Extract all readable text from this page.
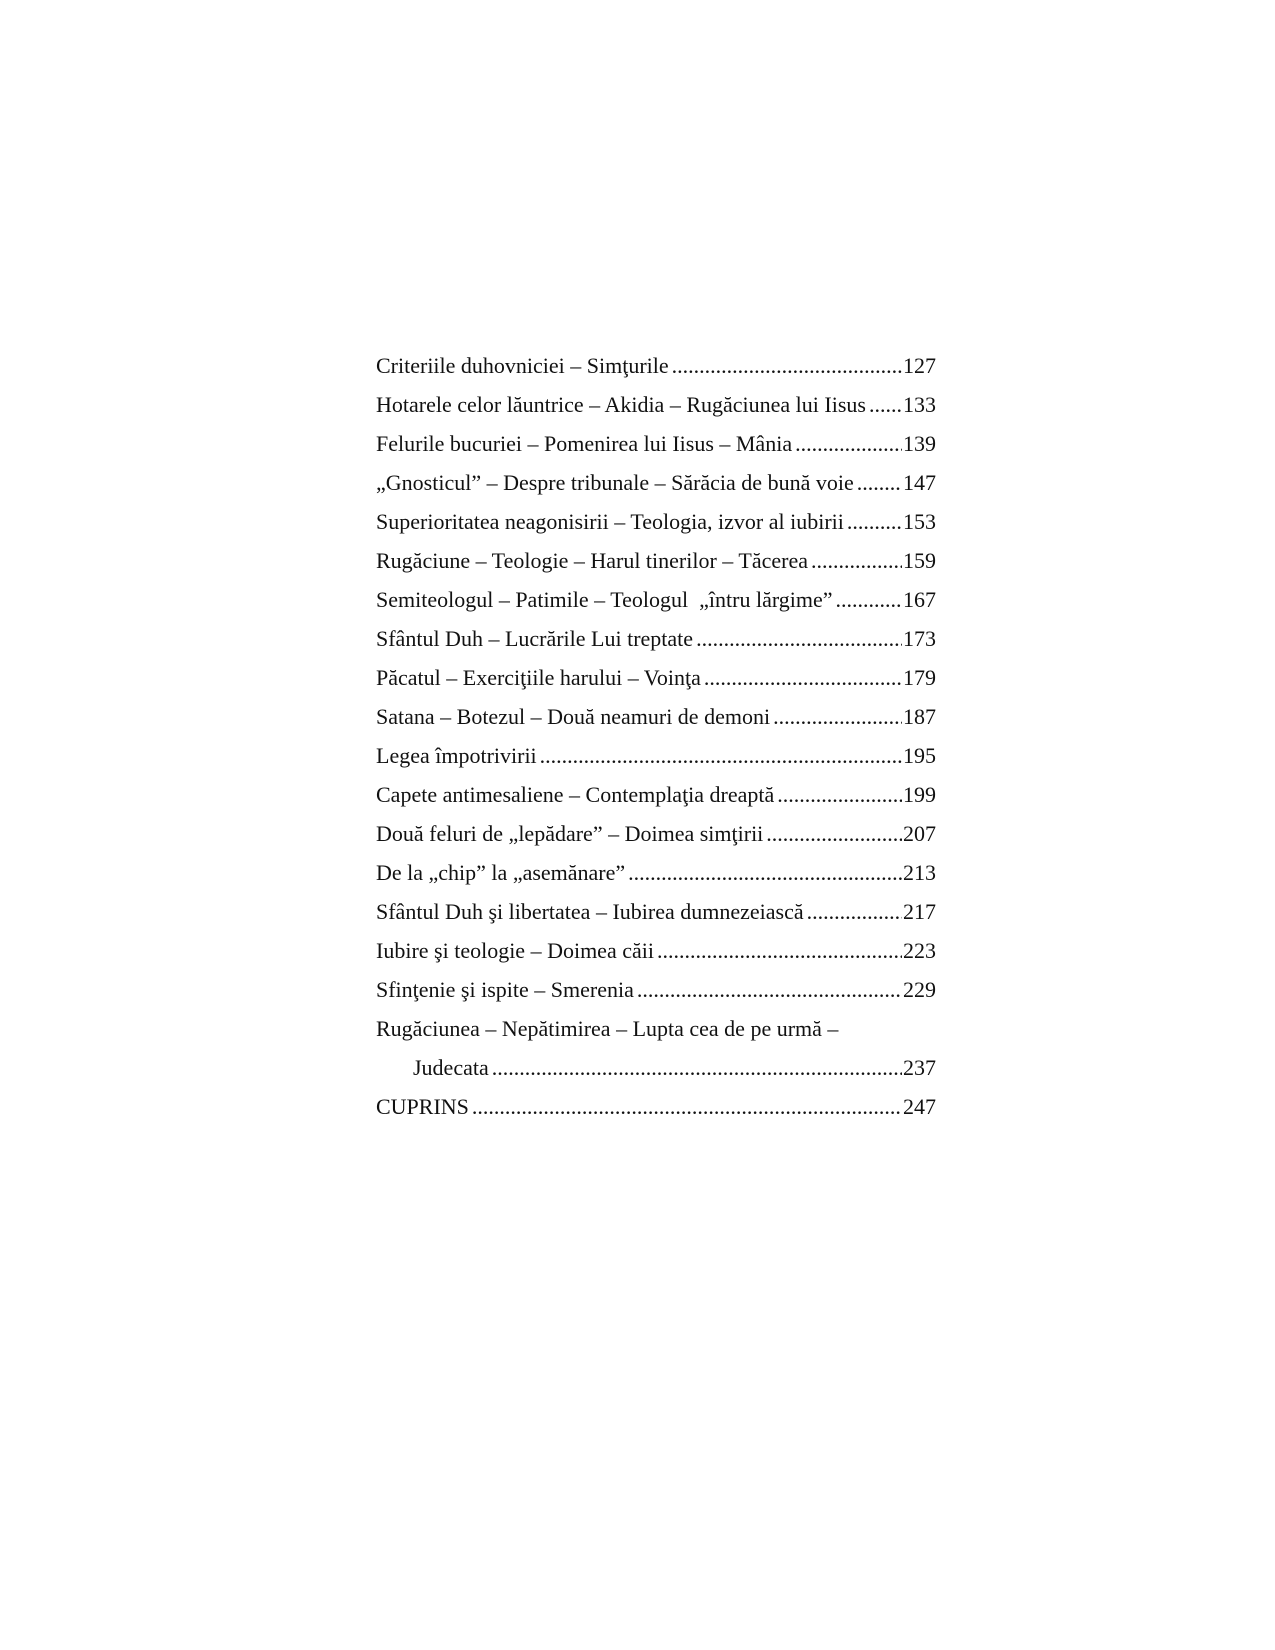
Criteriile duhovniciei – Simţurile .....	127
Hotarele celor lăuntrice – Akidia – Rugăciunea lui Iisus ..... 133
Felurile bucuriei – Pomenirea lui Iisus – Mânia .....	139
„Gnosticul” – Despre tribunale – Sărăcia de bună voie ..... 147
Superioritatea neagonisirii – Teologia, izvor al iubirii .....	153
Rugăciune – Teologie – Harul tinerilor – Tăcerea .....	159
Semiteologul – Patimile – Teologul  „întru lărgime” .....	167
Sfântul Duh – Lucrările Lui treptate .....	173
Păcatul – Exerciţiile harului – Voinţa .....	179
Satana – Botezul – Două neamuri de demoni .....	187
Legea împotrivirii .....	195
Capete antimesaliene – Contemplaţia dreaptă .....	199
Două feluri de „lepădare” – Doimea simţirii .....	207
De la „chip” la „asemănare” .....	213
Sfântul Duh şi libertatea – Iubirea dumnezeiască .....	217
Iubire şi teologie – Doimea căii .....	223
Sfinţenie şi ispite – Smerenia .....	229
Rugăciunea – Nepătimirea – Lupta cea de pe urmă –
Judecata .....	237
CUPRINS .....	247
